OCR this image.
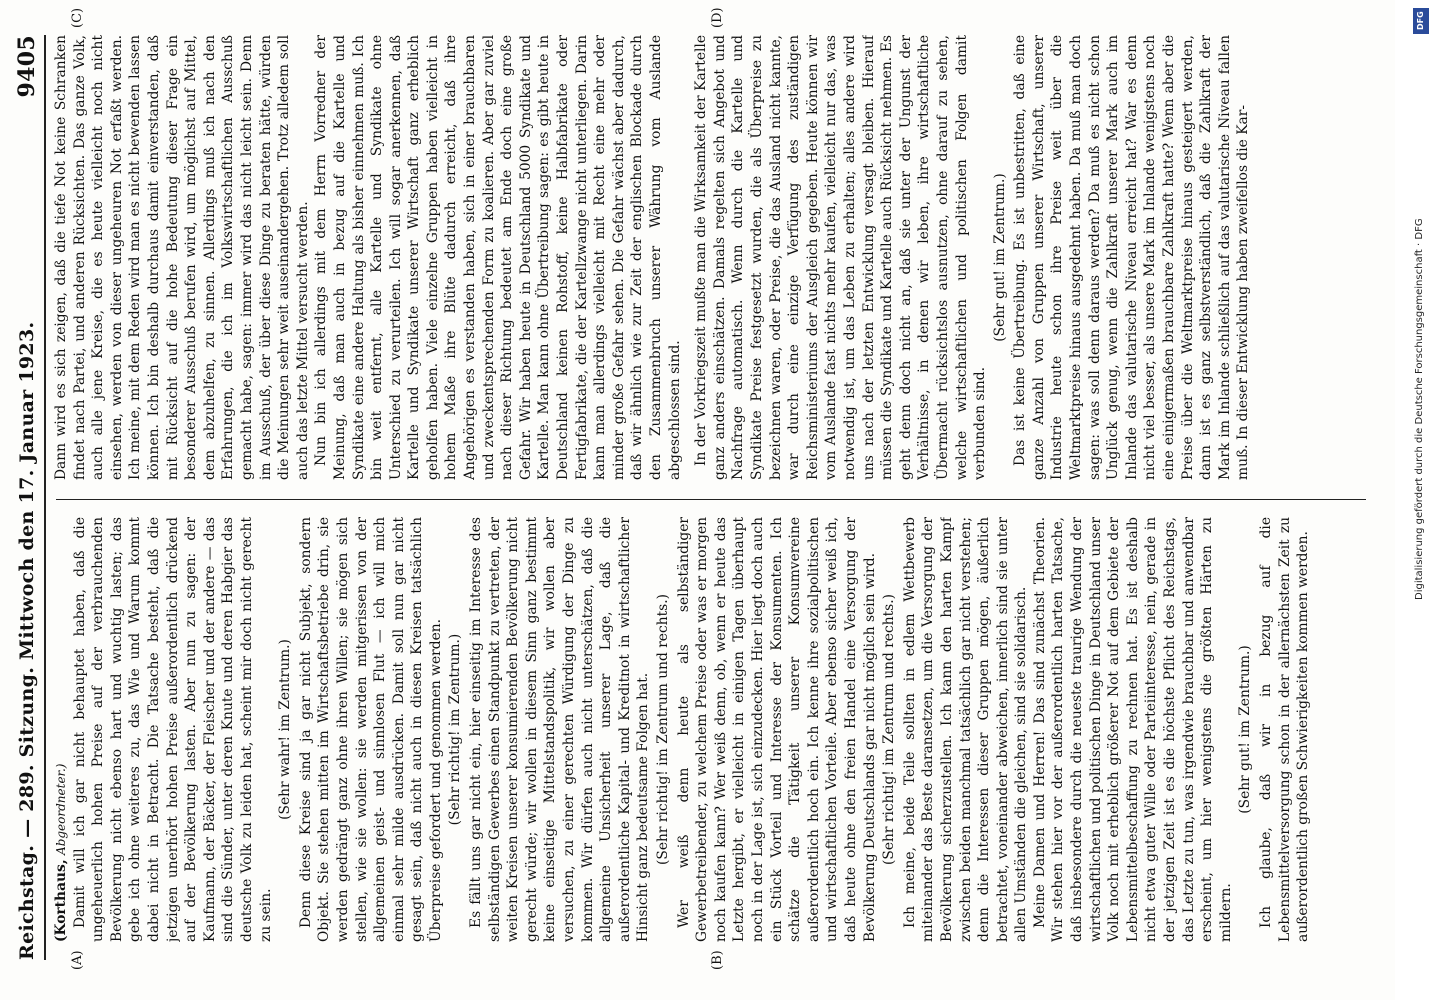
Reichstag. — 289. Sitzung. Mittwoch den 17. Januar 1923.
9405
(A)	(B)
(C)	(D)

(Korthaus, Abgeordneter.) Damit will ich gar nicht behauptet haben, daß die ungeheuerlich hohen Preise auf der verbrauchenden Bevölkerung nicht ebenso hart und wuchtig lasten; das gebe ich ohne weiteres zu, das Wie und Warum kommt dabei nicht in Betracht. Die Tatsache besteht, daß die jetzigen unerhört hohen Preise außerordentlich drückend auf der Bevölkerung lasten. Aber nun zu sagen: der Kaufmann, der Bäcker, der Fleischer und der andere — das sind die Sünder, unter deren Knute und deren Habgier das deutsche Volk zu leiden hat, scheint mir doch nicht gerecht zu sein.

(Sehr wahr! im Zentrum.) Denn diese Kreise sind ja gar nicht Subjekt, sondern Objekt. Sie stehen mitten im Wirtschaftsbetriebe drin, sie werden gedrängt ganz ohne ihren Willen; sie mögen sich stellen, wie sie wollen: sie werden mitgerissen von der allgemeinen geist- und sinnlosen Flut — ich will mich einmal sehr milde ausdrücken. Damit soll nun gar nicht gesagt sein, daß nicht auch in diesen Kreisen tatsächlich Überpreise gefordert und genommen werden. (Sehr richtig! im Zentrum.) Es fällt uns gar nicht ein, hier einseitig im Interesse des selbständigen Gewerbes einen Standpunkt zu vertreten, der weiten Kreisen unserer konsumierenden Bevölkerung nicht gerecht würde; wir wollen in diesem Sinn ganz bestimmt keine einseitige Mittelstandspolitik, wir wollen aber versuchen, zu einer gerechten Würdigung der Dinge zu kommen. Wir dürfen auch nicht unterschätzen, daß die allgemeine Unsicherheit unserer Lage, daß die außerordentliche Kapital- und Kreditnot in wirtschaftlicher Hinsicht ganz bedeutsame Folgen hat. (Sehr richtig! im Zentrum und rechts.) Wer weiß denn heute als selbständiger Gewerbetreibender, zu welchem Preise oder was er morgen noch kaufen kann? Wer weiß denn, ob, wenn er heute das Letzte hergibt, er vielleicht in einigen Tagen überhaupt noch in der Lage ist, sich einzudecken. Hier liegt doch auch ein Stück Vorteil und Interesse der Konsumenten. Ich schätze die Tätigkeit unserer Konsumvereine außerordentlich hoch ein. Ich kenne ihre sozialpolitischen und wirtschaftlichen Vorteile. Aber ebenso sicher weiß ich, daß heute ohne den freien Handel eine Versorgung der Bevölkerung Deutschlands gar nicht möglich sein wird. (Sehr richtig! im Zentrum und rechts.) Ich meine, beide Teile sollten in edlem Wettbewerb miteinander das Beste daransetzen, um die Versorgung der Bevölkerung sicherzustellen. Ich kann den harten Kampf zwischen beiden manchmal tatsächlich gar nicht verstehen; denn die Interessen dieser Gruppen mögen, äußerlich betrachtet, voneinander abweichen, innerlich sind sie unter allen Umständen die gleichen, sind sie solidarisch. Meine Damen und Herren! Das sind zunächst Theorien. Wir stehen hier vor der außerordentlich harten Tatsache, daß insbesondere durch die neueste traurige Wendung der wirtschaftlichen und politischen Dinge in Deutschland unser Volk noch mit erheblich größerer Not auf dem Gebiete der Lebensmittelbeschaffung zu rechnen hat. Es ist deshalb nicht etwa guter Wille oder Parteiinteresse, nein, gerade in der jetzigen Zeit ist es die höchste Pflicht des Reichstags, das Letzte zu tun, was irgendwie brauchbar und anwendbar erscheint, um hier wenigstens die größten Härten zu mildern.

(Sehr gut! im Zentrum.) Ich glaube, daß wir in bezug auf die Lebensmittelversorgung schon in der allernächsten Zeit zu außerordentlich großen Schwierigkeiten kommen werden.

Dann wird es sich zeigen, daß die tiefe Not keine Schranken findet nach Partei, und anderen Rücksichten. Das ganze Volk, auch alle jene Kreise, die es heute vielleicht noch nicht einsehen, werden von dieser ungeheuren Not erfaßt werden. Ich meine, mit dem Reden wird man es nicht bewenden lassen können. Ich bin deshalb durchaus damit einverstanden, daß mit Rücksicht auf die hohe Bedeutung dieser Frage ein besonderer Ausschuß berufen wird, um möglichst auf Mittel, dem abzuhelfen, zu sinnen. Allerdings muß ich nach den Erfahrungen, die ich im Volkswirtschaftlichen Ausschuß gemacht habe, sagen: immer wird das nicht leicht sein. Denn im Ausschuß, der über diese Dinge zu beraten hätte, würden die Meinungen sehr weit auseinandergehen. Trotz alledem soll auch das letzte Mittel versucht werden. Nun bin ich allerdings mit dem Herrn Vorredner der Meinung, daß man auch in bezug auf die Kartelle und Syndikate eine andere Haltung als bisher einnehmen muß. Ich bin weit entfernt, alle Kartelle und Syndikate ohne Unterschied zu verurteilen. Ich will sogar anerkennen, daß Kartelle und Syndikate unserer Wirtschaft ganz erheblich geholfen haben. Viele einzelne Gruppen haben vielleicht in hohem Maße ihre Blüte dadurch erreicht, daß ihre Angehörigen es verstanden haben, sich in einer brauchbaren und zweckentsprechenden Form zu koalieren. Aber gar zuviel nach dieser Richtung bedeutet am Ende doch eine große Gefahr. Wir haben heute in Deutschland 5000 Syndikate und Kartelle. Man kann ohne Übertreibung sagen: es gibt heute in Deutschland keinen Rohstoff, keine Halbfabrikate oder Fertigfabrikate, die der Kartellzwange nicht unterliegen. Darin kann man allerdings vielleicht mit Recht eine mehr oder minder große Gefahr sehen. Die Gefahr wächst aber dadurch, daß wir ähnlich wie zur Zeit der englischen Blockade durch den Zusammenbruch unserer Währung vom Auslande abgeschlossen sind. In der Vorkriegszeit mußte man die Wirksamkeit der Kartelle ganz anders einschätzen. Damals regelten sich Angebot und Nachfrage automatisch. Wenn durch die Kartelle und Syndikate Preise festgesetzt wurden, die als Überpreise zu bezeichnen waren, oder Preise, die das Ausland nicht kannte, war durch eine einzige Verfügung des zuständigen Reichsministeriums der Ausgleich gegeben. Heute können wir vom Auslande fast nichts mehr kaufen, vielleicht nur das, was notwendig ist, um das Leben zu erhalten; alles andere wird uns nach der letzten Entwicklung versagt bleiben. Hierauf müssen die Syndikate und Kartelle auch Rücksicht nehmen. Es geht denn doch nicht an, daß sie unter der Ungunst der Verhältnisse, in denen wir leben, ihre wirtschaftliche Übermacht rücksichtslos ausnutzen, ohne darauf zu sehen, welche wirtschaftlichen und politischen Folgen damit verbunden sind.

(Sehr gut! im Zentrum.) Das ist keine Übertreibung. Es ist unbestritten, daß eine ganze Anzahl von Gruppen unserer Wirtschaft, unserer Industrie heute schon ihre Preise weit über die Weltmarktpreise hinaus ausgedehnt haben. Da muß man doch sagen: was soll denn daraus werden? Da muß es nicht schon Unglück genug, wenn die Zahlkraft unserer Mark auch im Inlande das valutarische Niveau erreicht hat? War es denn nicht viel besser, als unsere Mark im Inlande wenigstens noch eine einigermaßen brauchbare Zahlkraft hatte? Wenn aber die Preise über die Weltmarktpreise hinaus gesteigert werden, dann ist es ganz selbstverständlich, daß die Zahlkraft der Mark im Inlande schließlich auf das valutarische Niveau fallen muß. In dieser Entwicklung haben zweifellos die Kar-

DFG
Digitalisierung gefördert durch die Deutsche Forschungsgemeinschaft · DFG
